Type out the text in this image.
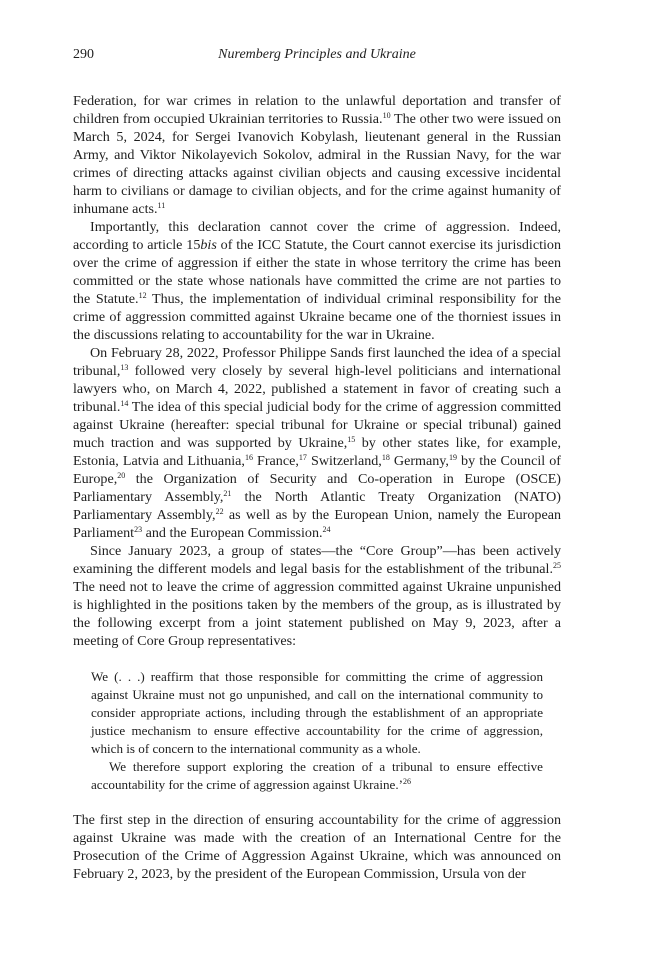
290	Nuremberg Principles and Ukraine

Federation, for war crimes in relation to the unlawful deportation and transfer of children from occupied Ukrainian territories to Russia.$^{10}$ The other two were issued on March 5, 2024, for Sergei Ivanovich Kobylash, lieutenant general in the Russian Army, and Viktor Nikolayevich Sokolov, admiral in the Russian Navy, for the war crimes of directing attacks against civilian objects and causing excessive incidental harm to civilians or damage to civilian objects, and for the crime against humanity of inhumane acts.$^{11}$

Importantly, this declaration cannot cover the crime of aggression. Indeed, according to article 15bis of the ICC Statute, the Court cannot exercise its jurisdiction over the crime of aggression if either the state in whose territory the crime has been committed or the state whose nationals have committed the crime are not parties to the Statute.$^{12}$ Thus, the implementation of individual criminal responsibility for the crime of aggression committed against Ukraine became one of the thorniest issues in the discussions relating to accountability for the war in Ukraine.

On February 28, 2022, Professor Philippe Sands first launched the idea of a special tribunal,$^{13}$ followed very closely by several high-level politicians and international lawyers who, on March 4, 2022, published a statement in favor of creating such a tribunal.$^{14}$ The idea of this special judicial body for the crime of aggression committed against Ukraine (hereafter: special tribunal for Ukraine or special tribunal) gained much traction and was supported by Ukraine,$^{15}$ by other states like, for example, Estonia, Latvia and Lithuania,$^{16}$ France,$^{17}$ Switzerland,$^{18}$ Germany,$^{19}$ by the Council of Europe,$^{20}$ the Organization of Security and Co-operation in Europe (OSCE) Parliamentary Assembly,$^{21}$ the North Atlantic Treaty Organization (NATO) Parliamentary Assembly,$^{22}$ as well as by the European Union, namely the European Parliament$^{23}$ and the European Commission.$^{24}$

Since January 2023, a group of states—the “Core Group”—has been actively examining the different models and legal basis for the establishment of the tribunal.$^{25}$ The need not to leave the crime of aggression committed against Ukraine unpunished is highlighted in the positions taken by the members of the group, as is illustrated by the following excerpt from a joint statement published on May 9, 2023, after a meeting of Core Group representatives:

We (. . .) reaffirm that those responsible for committing the crime of aggression against Ukraine must not go unpunished, and call on the international community to consider appropriate actions, including through the establishment of an appropriate justice mechanism to ensure effective accountability for the crime of aggression, which is of concern to the international community as a whole.

We therefore support exploring the creation of a tribunal to ensure effective accountability for the crime of aggression against Ukraine.’$^{26}$

The first step in the direction of ensuring accountability for the crime of aggression against Ukraine was made with the creation of an International Centre for the Prosecution of the Crime of Aggression Against Ukraine, which was announced on February 2, 2023, by the president of the European Commission, Ursula von der
